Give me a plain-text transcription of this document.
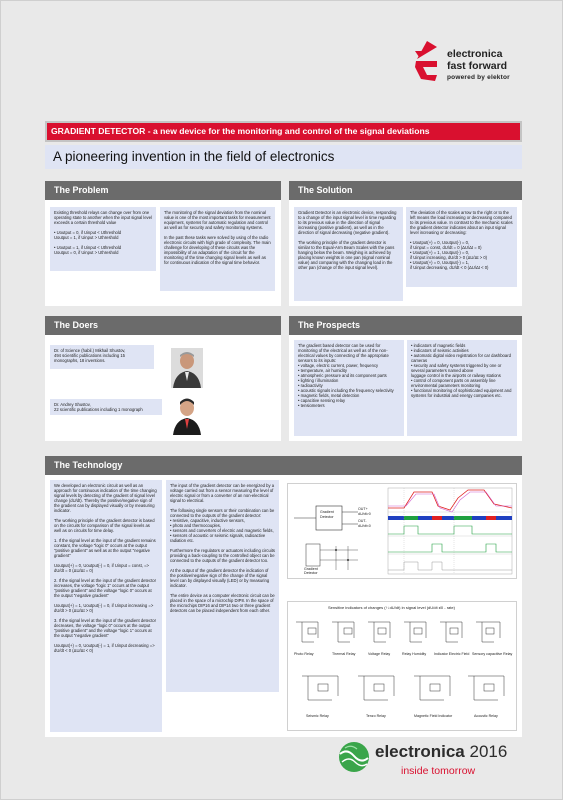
electronica
fast forward
powered by elektor
GRADIENT DETECTOR - a new device for the monitoring and control of the signal deviations
A pioneering invention in the field of electronics
The Problem

Existing threshold relays can change over from one operating state to another when the input signal level exceeds a certain threshold value

• Uoutput = 0, if Uinput < Uthreshold
Uoutput = 1, if Uinput > Uthreshold

• Uoutput = 1, if Uinput < Uthreshold
Uoutput = 0, if Uinput > Uthreshold

The monitoring of the signal deviation from the nominal value is one of the most important tasks for measurement equipment, systems for automatic regulation and control as well as for security and safety monitoring systems.

In the past these tasks were solved by using of the radio electronic circuits with high grade of complexity. The main challenge for developing of these circuits was the impossibility of an adaptation of the circuit for the monitoring of the time changing signal levels as well as for continuous indication of the signal time behavior.

The Solution

Gradient Detector is an electronic device, responding to a change of the input signal level in time regarding to its previous value in the direction of signal increasing (positive gradient), as well as in the direction of signal decreasing (negative gradient).

The working principle of the gradient detector is similar to the Equal-Arm Beam Scales with the pans hanging below the beam. Weighing is achieved by placing known weights in one pan (signal nominal value) and comparing with the changing load in the other pan (change of the input signal level).

The deviation of the scales arrow to the right or to the left means the load increasing or decreasing compared to its previous value. In contrast to the mechanic scales the gradient detector indicates about an input signal level increasing or decreasing:

• Uoutput(+) = 0, Uoutput(-) = 0,
if Uinput = const, dU/dt = 0 (ΔU/Δt = 0)
• Uoutput(+) = 1, Uoutput(-) = 0,
if Uinput increasing, dU/dt > 0 (ΔU/Δt > 0)
• Uoutput(+) = 0, Uoutput(-) = 1,
if Uinput decreasing, dU/dt < 0 (ΔU/Δt < 0)

The Doers

Dr. of Science (habil.) Mikhail Shustov,
494 scientific publications including 15 monographs, 18 inventions.

Dr. Andrey Shustov,
22 scientific publications including 1 monograph

The Prospects

The gradient based detector can be used for monitoring of the electrical as well as of the non-electrical values by connecting of the appropriate sensors to its inputs:
• voltage, electric current, power, frequency
• temperature, air humidity
• atmospheric pressure and its component parts
• lighting / illumination
• radioactivity
• acoustic signals including the frequency selectivity
• magnetic fields, metal detection
• capacitive sensing relay
• tensiometers

• indicators of magnetic fields
• indicators of seismic activities
• automatic digital video registration for car dashboard cameras
• security and safety systems triggered by one or several parameters named above
luggage control in the airports or railway stations
• control of component parts on assembly line
environmental parameters monitoring
• functional monitoring of sophisticated equipment and systems for industrial and energy companies etc.

The Technology

We developed an electronic circuit as well as an approach for continuous indication of the time changing signal levels by detecting of the gradient of signal level change (dU/dt). Thereby the positive/negative sign of the gradient can by displayed visually or by measuring indicator.

The working principle of the gradient detector is based on the circuits for comparison of the signal levels as well as on circuits for time delay.

1. If the signal level at the input of the gradient remains constant, the voltage "logic 0" occurs at the output "positive gradient" as well as at the output "negative gradient"

Uoutput(+) = 0, Uoutput(-) = 0, if Uinput = const, => dU/dt = 0 (ΔU/Δt = 0)

2. If the signal level at the input of the gradient detector increases, the voltage "logic 1" occurs at the output "positive gradient" and the voltage "logic 0" occurs at the output "negative gradient"

Uoutput(+) = 1, Uoutput(-) = 0, if Uinput increasing => dU/dt > 0 (ΔU/Δt > 0)

3. If the signal level at the input of the gradient detector decreases, the voltage "logic 0" occurs at the output "positive gradient" and the voltage "logic 1" occurs at the output "negative gradient"

Uoutput(+) = 0, Uoutput(-) = 1, if Uinput decreasing => dU/dt < 0 (ΔU/Δt < 0)

The input of the gradient detector can be energized by a voltage carried out from a sensor measuring the level of electric signal or from a converter of an non-electrical signal to electrical.

The following single sensors or their combination can be connected to the outputs of the gradient detector:
• resistive, capacitive, inductive sensors,
• photo and thermocouples,
• sensors and converters of electric and magnetic fields,
• sensors of acoustic or seismic signals, radioactive radiation etc.

Furthermore the regulators or actuators including circuits providing a back-coupling to the controlled object can be connected to the outputs of the gradient detector too.

At the output of the gradient detector the indication of the positive/negative sign of the change of the signal level can by displayed visually (LED) or by measuring indicator.

The entire device as a computer electronic circuit can be placed in the space of a microchip DIP8. In the space of the microchips DIP16 and DIP14 two or three gradient detectors can be placed independent from each other.

Gradient
Detector
OUT+
dU/dt>0
OUT-
dU/dt<0
Gradient
Detector
Sensitive indicators of changes (↑↓dU/dt) in signal level (dU/dt ≠0 - rate)
Photo Relay	Thermal Relay	Voltage Relay	Relay Humidity Indicator Electric Field Sensory capacitive Relay
Seismic Relay	Tenzo Relay	Magnetic Field Indicator	Acoustic Relay
electronica 2016
inside tomorrow
